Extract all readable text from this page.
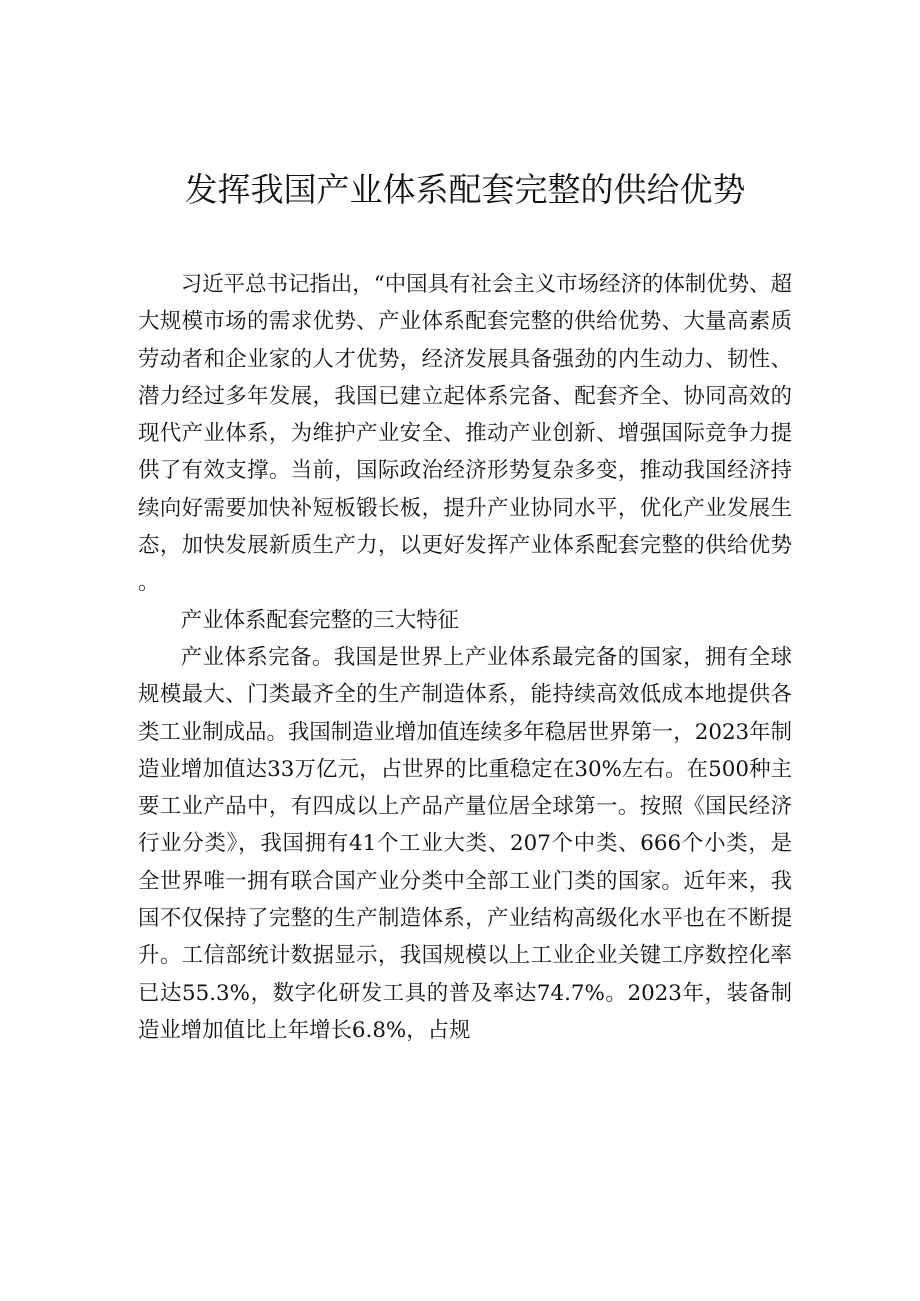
发挥我国产业体系配套完整的供给优势

习近平总书记指出，“中国具有社会主义市场经济的体制优势、超大规模市场的需求优势、产业体系配套完整的供给优势、大量高素质劳动者和企业家的人才优势，经济发展具备强劲的内生动力、韧性、潜力经过多年发展，我国已建立起体系完备、配套齐全、协同高效的现代产业体系，为维护产业安全、推动产业创新、增强国际竞争力提供了有效支撑。当前，国际政治经济形势复杂多变，推动我国经济持续向好需要加快补短板锻长板，提升产业协同水平，优化产业发展生态，加快发展新质生产力，以更好发挥产业体系配套完整的供给优势。

产业体系配套完整的三大特征

产业体系完备。我国是世界上产业体系最完备的国家，拥有全球规模最大、门类最齐全的生产制造体系，能持续高效低成本地提供各类工业制成品。我国制造业增加值连续多年稳居世界第一，2023年制造业增加值达33万亿元，占世界的比重稳定在30%左右。在500种主要工业产品中，有四成以上产品产量位居全球第一。按照《国民经济行业分类》，我国拥有41个工业大类、207个中类、666个小类，是全世界唯一拥有联合国产业分类中全部工业门类的国家。近年来，我国不仅保持了完整的生产制造体系，产业结构高级化水平也在不断提升。工信部统计数据显示，我国规模以上工业企业关键工序数控化率已达55.3%，数字化研发工具的普及率达74.7%。2023年，装备制造业增加值比上年增长6.8%，占规
